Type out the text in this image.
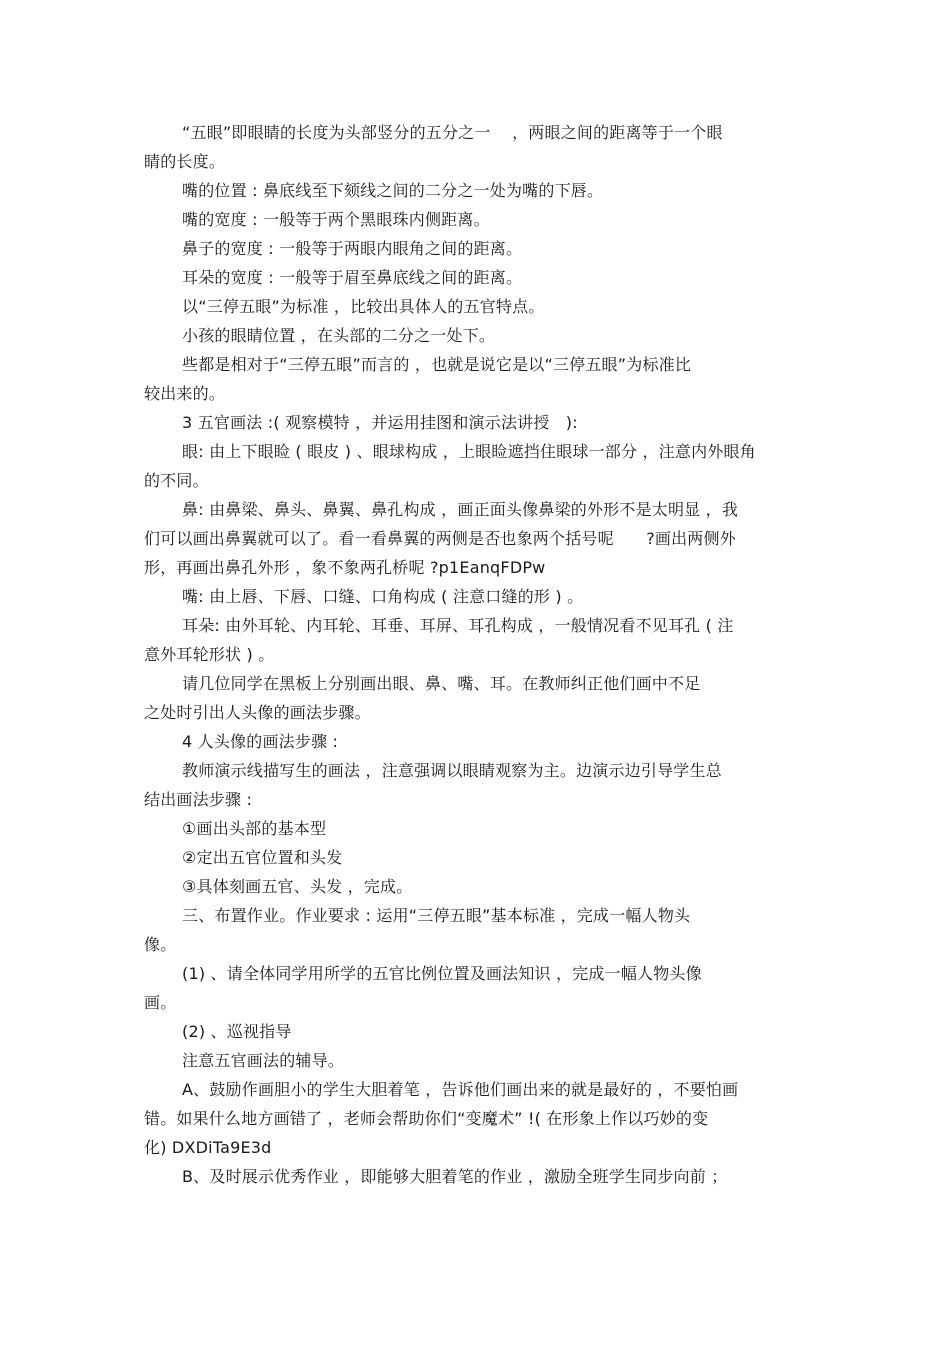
“五眼”即眼睛的长度为头部竖分的五分之一　 ，两眼之间的距离等于一个眼
睛的长度。
嘴的位置 : 鼻底线至下颏线之间的二分之一处为嘴的下唇。
嘴的宽度 : 一般等于两个黑眼珠内侧距离。
鼻子的宽度 : 一般等于两眼内眼角之间的距离。
耳朵的宽度 : 一般等于眉至鼻底线之间的距离。
以“三停五眼”为标准 ，比较出具体人的五官特点。
小孩的眼睛位置 ，在头部的二分之一处下。
些都是相对于“三停五眼”而言的 ，也就是说它是以“三停五眼”为标准比
较出来的。
3 五官画法 :( 观察模特 ，并运用挂图和演示法讲授　):
眼: 由上下眼睑 ( 眼皮 ) 、眼球构成 ，上眼睑遮挡住眼球一部分 ，注意内外眼角
的不同。
鼻: 由鼻梁、鼻头、鼻翼、鼻孔构成 ，画正面头像鼻梁的外形不是太明显 ，我
们可以画出鼻翼就可以了。看一看鼻翼的两侧是否也象两个括号呢　　?画出两侧外
形，再画出鼻孔外形 ，象不象两孔桥呢 ?p1EanqFDPw
嘴: 由上唇、下唇、口缝、口角构成 ( 注意口缝的形 ) 。
耳朵: 由外耳轮、内耳轮、耳垂、耳屏、耳孔构成 ，一般情况看不见耳孔 ( 注
意外耳轮形状 ) 。
请几位同学在黑板上分别画出眼、鼻、嘴、耳。在教师纠正他们画中不足
之处时引出人头像的画法步骤。
4 人头像的画法步骤 :
教师演示线描写生的画法 ，注意强调以眼睛观察为主。边演示边引导学生总
结出画法步骤 :
①画出头部的基本型
②定出五官位置和头发
③具体刻画五官、头发 ，完成。
三、布置作业。作业要求 : 运用“三停五眼”基本标准 ，完成一幅人物头
像。
(1) 、请全体同学用所学的五官比例位置及画法知识 ，完成一幅人物头像
画。
(2) 、巡视指导
注意五官画法的辅导。
A、鼓励作画胆小的学生大胆着笔 ，告诉他们画出来的就是最好的 ，不要怕画
错。如果什么地方画错了 ，老师会帮助你们“变魔术” !( 在形象上作以巧妙的变
化) DXDiTa9E3d
B、及时展示优秀作业 ，即能够大胆着笔的作业 ，激励全班学生同步向前 ；
